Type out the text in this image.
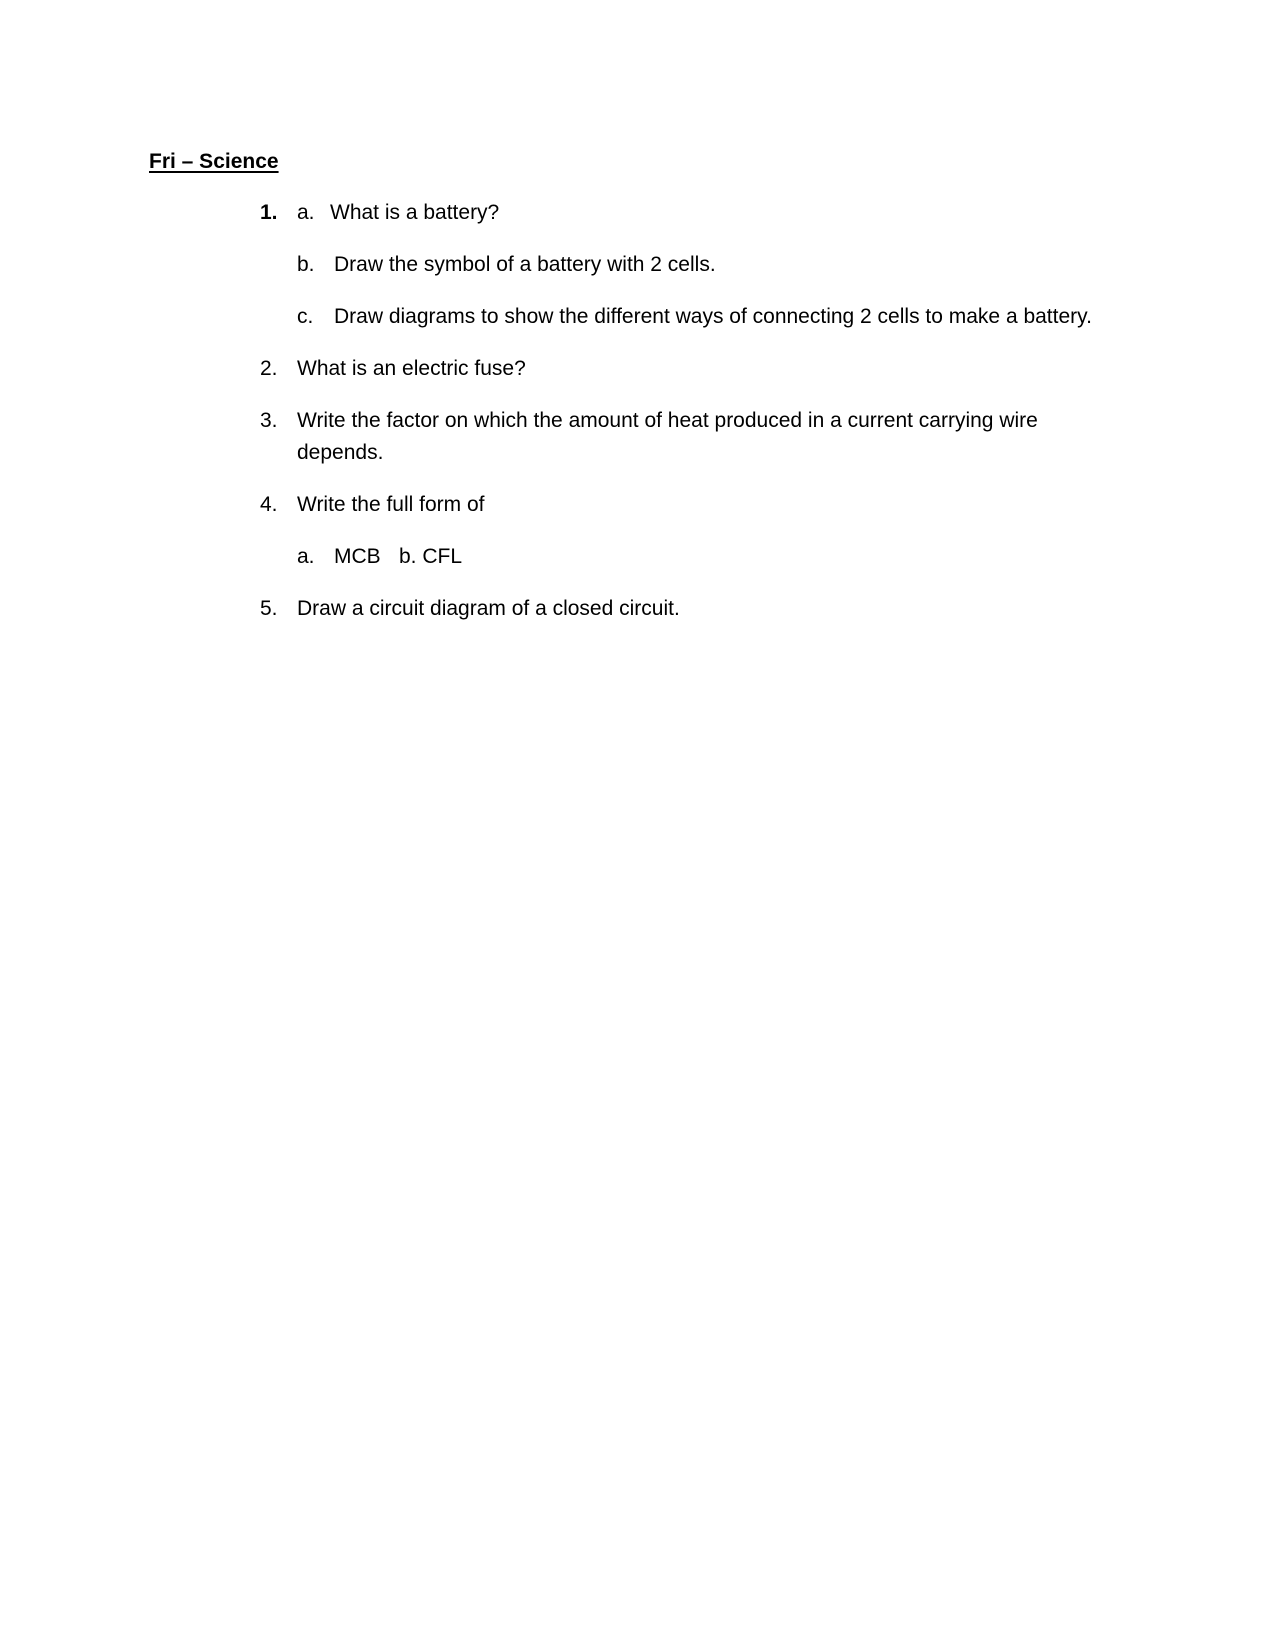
Fri – Science
1. a. What is a battery?
b. Draw the symbol of a battery with 2 cells.
c. Draw diagrams to show the different ways of connecting 2 cells to make a battery.
2. What is an electric fuse?
3. Write the factor on which the amount of heat produced in a current carrying wire
depends.
4. Write the full form of
a. MCB b. CFL
5. Draw a circuit diagram of a closed circuit.
